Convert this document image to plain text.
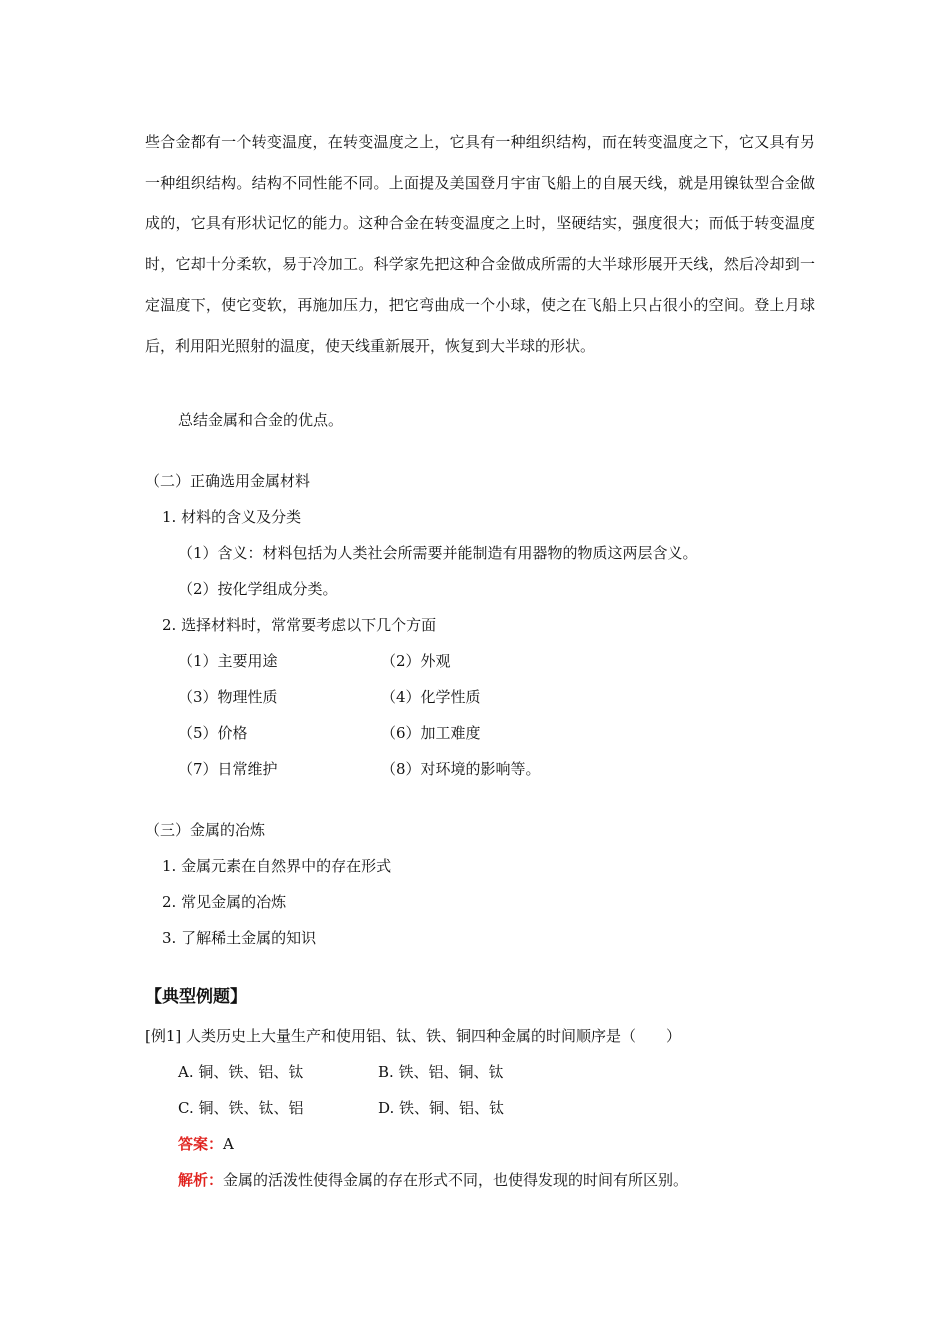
些合金都有一个转变温度，在转变温度之上，它具有一种组织结构，而在转变温度之下，它又具有另一种组织结构。结构不同性能不同。上面提及美国登月宇宙飞船上的自展天线，就是用镍钛型合金做成的，它具有形状记忆的能力。这种合金在转变温度之上时，坚硬结实，强度很大；而低于转变温度时，它却十分柔软，易于冷加工。科学家先把这种合金做成所需的大半球形展开天线，然后冷却到一定温度下，使它变软，再施加压力，把它弯曲成一个小球，使之在飞船上只占很小的空间。登上月球后，利用阳光照射的温度，使天线重新展开，恢复到大半球的形状。
总结金属和合金的优点。
（二）正确选用金属材料
1. 材料的含义及分类
（1）含义：材料包括为人类社会所需要并能制造有用器物的物质这两层含义。
（2）按化学组成分类。
2. 选择材料时，常常要考虑以下几个方面
（1）主要用途	（2）外观
（3）物理性质	（4）化学性质
（5）价格	（6）加工难度
（7）日常维护	（8）对环境的影响等。
（三）金属的冶炼
1. 金属元素在自然界中的存在形式
2. 常见金属的冶炼
3. 了解稀土金属的知识
【典型例题】
[例1] 人类历史上大量生产和使用铝、钛、铁、铜四种金属的时间顺序是（　　）
A. 铜、铁、铝、钛	B. 铁、铝、铜、钛
C. 铜、铁、钛、铝	D. 铁、铜、铝、钛
答案：A
解析：金属的活泼性使得金属的存在形式不同，也使得发现的时间有所区别。
